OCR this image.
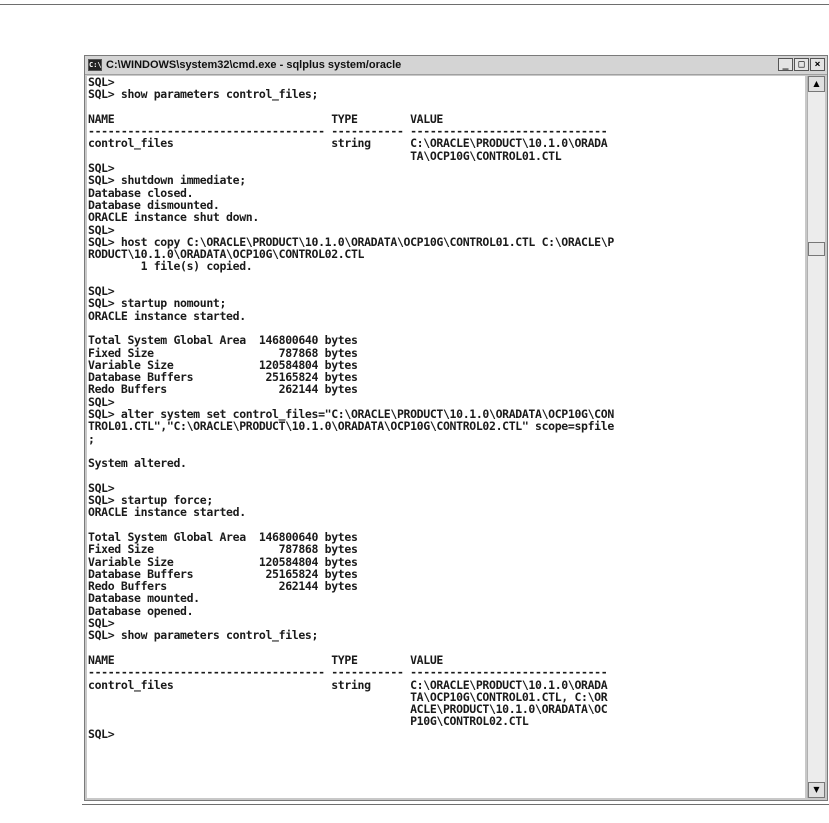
C:\ C:\WINDOWS\system32\cmd.exe - sqlplus system/oracle	_ □ ×
SQL>
SQL> show parameters control_files;

NAME                                 TYPE        VALUE
------------------------------------ ----------- ------------------------------
control_files                        string      C:\ORACLE\PRODUCT\10.1.0\ORADA
TA\OCP10G\CONTROL01.CTL
SQL>
SQL> shutdown immediate;
Database closed.
Database dismounted.
ORACLE instance shut down.
SQL>
SQL> host copy C:\ORACLE\PRODUCT\10.1.0\ORADATA\OCP10G\CONTROL01.CTL C:\ORACLE\P
RODUCT\10.1.0\ORADATA\OCP10G\CONTROL02.CTL
1 file(s) copied.

SQL>
SQL> startup nomount;
ORACLE instance started.

Total System Global Area  146800640 bytes
Fixed Size                   787868 bytes
Variable Size             120584804 bytes
Database Buffers           25165824 bytes
Redo Buffers                 262144 bytes
SQL>
SQL> alter system set control_files="C:\ORACLE\PRODUCT\10.1.0\ORADATA\OCP10G\CON
TROL01.CTL","C:\ORACLE\PRODUCT\10.1.0\ORADATA\OCP10G\CONTROL02.CTL" scope=spfile
;

System altered.

SQL>
SQL> startup force;
ORACLE instance started.

Total System Global Area  146800640 bytes
Fixed Size                   787868 bytes
Variable Size             120584804 bytes
Database Buffers           25165824 bytes
Redo Buffers                 262144 bytes
Database mounted.
Database opened.
SQL>
SQL> show parameters control_files;

NAME                                 TYPE        VALUE
------------------------------------ ----------- ------------------------------
control_files                        string      C:\ORACLE\PRODUCT\10.1.0\ORADA
TA\OCP10G\CONTROL01.CTL, C:\OR
ACLE\PRODUCT\10.1.0\ORADATA\OC
P10G\CONTROL02.CTL
SQL>

▲
▼
